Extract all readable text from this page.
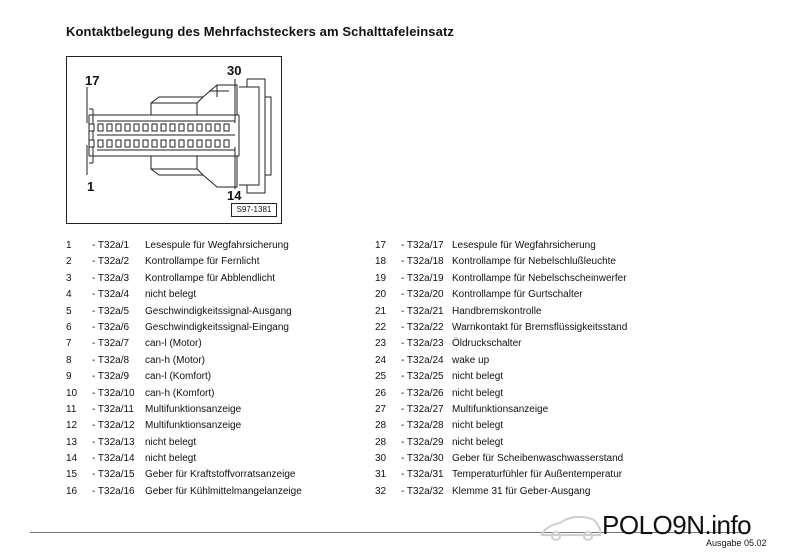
Kontaktbelegung des Mehrfachsteckers am Schalttafeleinsatz
17
30
1
14
S97-1381
1 - T32a/1 Lesespule für Wegfahrsicherung
2 - T32a/2 Kontrollampe für Fernlicht
3 - T32a/3 Kontrollampe für Abblendlicht
4 - T32a/4 nicht belegt
5 - T32a/5 Geschwindigkeitssignal-Ausgang
6 - T32a/6 Geschwindigkeitssignal-Eingang
7 - T32a/7 can-l (Motor)
8 - T32a/8 can-h (Motor)
9 - T32a/9 can-l (Komfort)
10 - T32a/10 can-h (Komfort)
11 - T32a/11 Multifunktionsanzeige
12 - T32a/12 Multifunktionsanzeige
13 - T32a/13 nicht belegt
14 - T32a/14 nicht belegt
15 - T32a/15 Geber für Kraftstoffvorratsanzeige
16 - T32a/16 Geber für Kühlmittelmangelanzeige
17 - T32a/17 Lesespule für Wegfahrsicherung
18 - T32a/18 Kontrollampe für Nebelschlußleuchte
19 - T32a/19 Kontrollampe für Nebelschscheinwerfer
20 - T32a/20 Kontrollampe für Gurtschalter
21 - T32a/21 Handbremskontrolle
22 - T32a/22 Warnkontakt für Bremsflüssigkeitsstand
23 - T32a/23 Öldruckschalter
24 - T32a/24 wake up
25 - T32a/25 nicht belegt
26 - T32a/26 nicht belegt
27 - T32a/27 Multifunktionsanzeige
28 - T32a/28 nicht belegt
28 - T32a/29 nicht belegt
30 - T32a/30 Geber für Scheibenwaschwasserstand
31 - T32a/31 Temperaturfühler für Außentemperatur
32 - T32a/32 Klemme 31 für Geber-Ausgang
POLO9N.info
Ausgabe 05.02
